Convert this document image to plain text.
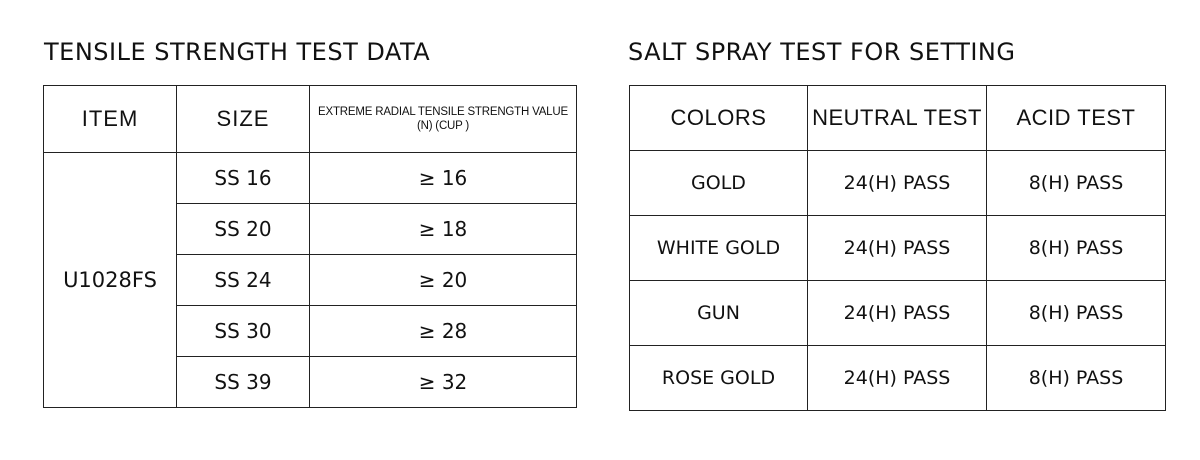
TENSILE STRENGTH TEST DATA	SALT SPRAY TEST FOR SETTING
ITEM	SIZE	EXTREME RADIAL TENSILE STRENGTH VALUE
(N) (CUP )

U1028FS	SS 16	≥ 16
	SS 20	≥ 18
	SS 24	≥ 20
	SS 30	≥ 28
	SS 39	≥ 32
COLORS	NEUTRAL TEST	ACID TEST
GOLD	24(H) PASS	8(H) PASS
WHITE GOLD	24(H) PASS	8(H) PASS
GUN	24(H) PASS	8(H) PASS
ROSE GOLD	24(H) PASS	8(H) PASS
